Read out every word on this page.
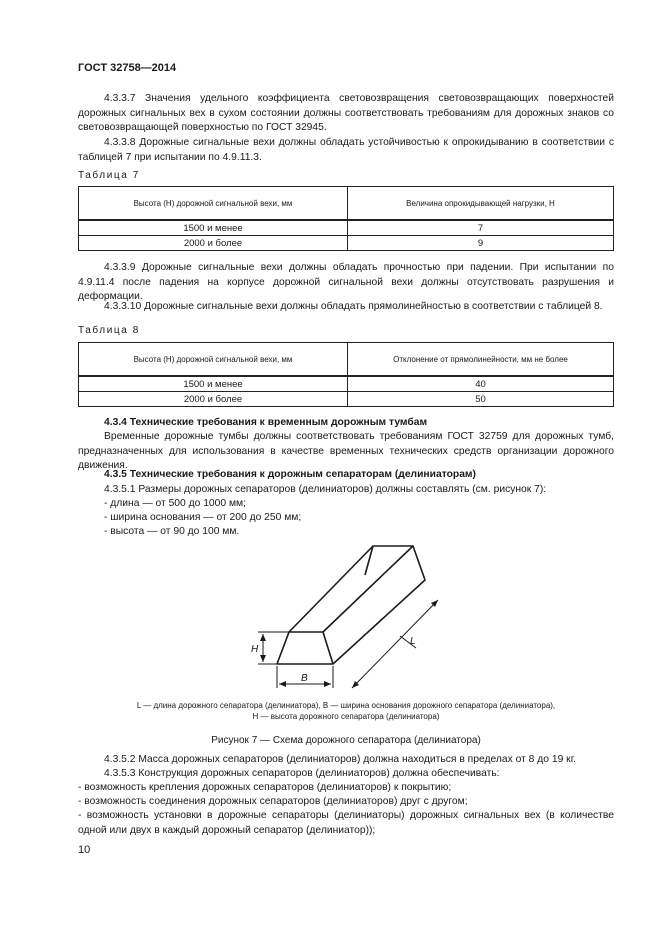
ГОСТ 32758—2014

4.3.3.7 Значения удельного коэффициента световозвращения световозвращающих поверхностей дорожных сигнальных вех в сухом состоянии должны соответствовать требованиям для дорожных знаков со световозвращающей поверхностью по ГОСТ 32945.

4.3.3.8 Дорожные сигнальные вехи должны обладать устойчивостью к опрокидыванию в соответствии с таблицей 7 при испытании по 4.9.11.3.

Таблица 7
Высота (Н) дорожной сигнальной вехи, мм	Величина опрокидывающей нагрузки, Н
1500 и менее	7
2000 и более	9

4.3.3.9 Дорожные сигнальные вехи должны обладать прочностью при падении. При испытании по 4.9.11.4 после падения на корпусе дорожной сигнальной вехи должны отсутствовать разрушения и деформации.

4.3.3.10 Дорожные сигнальные вехи должны обладать прямолинейностью в соответствии с таблицей 8.

Таблица 8
Высота (Н) дорожной сигнальной вехи, мм	Отклонение от прямолинейности, мм не более
1500 и менее	40
2000 и более	50
4.3.4 Технические требования к временным дорожным тумбам

Временные дорожные тумбы должны соответствовать требованиям ГОСТ 32759 для дорожных тумб, предназначенных для использования в качестве временных технических средств организации дорожного движения.

4.3.5 Технические требования к дорожным сепараторам (делиниаторам)
4.3.5.1 Размеры дорожных сепараторов (делиниаторов) должны составлять (см. рисунок 7):
- длина — от 500 до 1000 мм;
- ширина основания — от 200 до 250 мм;
- высота — от 90 до 100 мм.
H
B
L
L — длина дорожного сепаратора (делиниатора), B — ширина основания дорожного сепаратора (делиниатора),
H — высота дорожного сепаратора (делиниатора)
Рисунок 7 — Схема дорожного сепаратора (делиниатора)
4.3.5.2 Масса дорожных сепараторов (делиниаторов) должна находиться в пределах от 8 до 19 кг.
4.3.5.3 Конструкция дорожных сепараторов (делиниаторов) должна обеспечивать:
- возможность крепления дорожных сепараторов (делиниаторов) к покрытию;
- возможность соединения дорожных сепараторов (делиниаторов) друг с другом;

- возможность установки в дорожные сепараторы (делиниаторы) дорожных сигнальных вех (в количестве одной или двух в каждый дорожный сепаратор (делиниатор));

10
